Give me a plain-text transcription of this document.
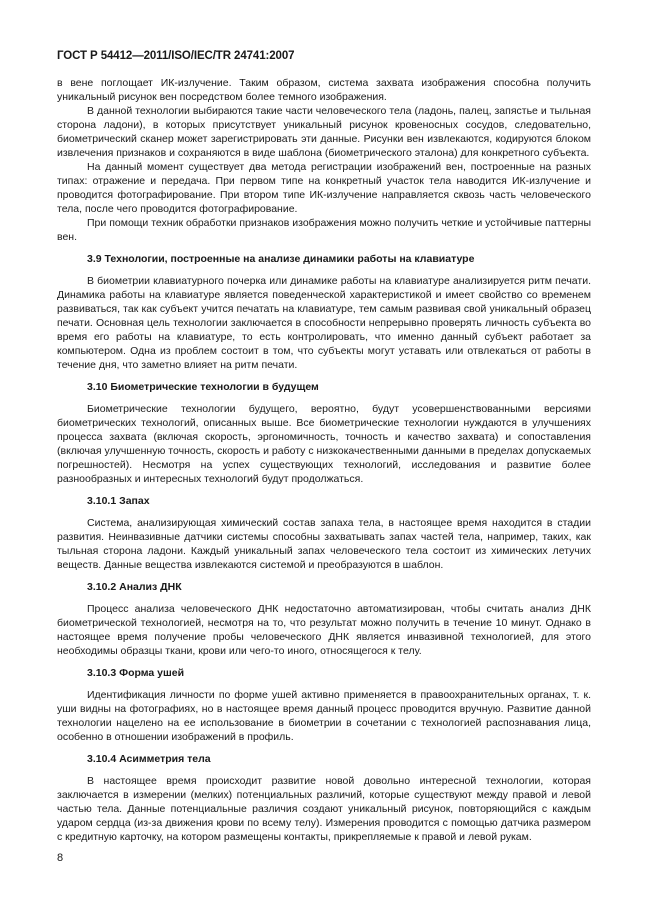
ГОСТ Р 54412—2011/ISO/IEC/TR 24741:2007

в вене поглощает ИК-излучение. Таким образом, система захвата изображения способна получить уникальный рисунок вен посредством более темного изображения.

В данной технологии выбираются такие части человеческого тела (ладонь, палец, запястье и тыльная сторона ладони), в которых присутствует уникальный рисунок кровеносных сосудов, следовательно, биометрический сканер может зарегистрировать эти данные. Рисунки вен извлекаются, кодируются блоком извлечения признаков и сохраняются в виде шаблона (биометрического эталона) для конкретного субъекта.

На данный момент существует два метода регистрации изображений вен, построенные на разных типах: отражение и передача. При первом типе на конкретный участок тела наводится ИК-излучение и проводится фотографирование. При втором типе ИК-излучение направляется сквозь часть человеческого тела, после чего проводится фотографирование.

При помощи техник обработки признаков изображения можно получить четкие и устойчивые паттерны вен.

3.9 Технологии, построенные на анализе динамики работы на клавиатуре

В биометрии клавиатурного почерка или динамике работы на клавиатуре анализируется ритм печати. Динамика работы на клавиатуре является поведенческой характеристикой и имеет свойство со временем развиваться, так как субъект учится печатать на клавиатуре, тем самым развивая свой уникальный образец печати. Основная цель технологии заключается в способности непрерывно проверять личность субъекта во время его работы на клавиатуре, то есть контролировать, что именно данный субъект работает за компьютером. Одна из проблем состоит в том, что субъекты могут уставать или отвлекаться от работы в течение дня, что заметно влияет на ритм печати.

3.10 Биометрические технологии в будущем

Биометрические технологии будущего, вероятно, будут усовершенствованными версиями биометрических технологий, описанных выше. Все биометрические технологии нуждаются в улучшениях процесса захвата (включая скорость, эргономичность, точность и качество захвата) и сопоставления (включая улучшенную точность, скорость и работу с низкокачественными данными в пределах допускаемых погрешностей). Несмотря на успех существующих технологий, исследования и развитие более разнообразных и интересных технологий будут продолжаться.

3.10.1 Запах

Система, анализирующая химический состав запаха тела, в настоящее время находится в стадии развития. Неинвазивные датчики системы способны захватывать запах частей тела, например, таких, как тыльная сторона ладони. Каждый уникальный запах человеческого тела состоит из химических летучих веществ. Данные вещества извлекаются системой и преобразуются в шаблон.

3.10.2 Анализ ДНК

Процесс анализа человеческого ДНК недостаточно автоматизирован, чтобы считать анализ ДНК биометрической технологией, несмотря на то, что результат можно получить в течение 10 минут. Однако в настоящее время получение пробы человеческого ДНК является инвазивной технологией, для этого необходимы образцы ткани, крови или чего-то иного, относящегося к телу.

3.10.3 Форма ушей

Идентификация личности по форме ушей активно применяется в правоохранительных органах, т. к. уши видны на фотографиях, но в настоящее время данный процесс проводится вручную. Развитие данной технологии нацелено на ее использование в биометрии в сочетании с технологией распознавания лица, особенно в отношении изображений в профиль.

3.10.4 Асимметрия тела

В настоящее время происходит развитие новой довольно интересной технологии, которая заключается в измерении (мелких) потенциальных различий, которые существуют между правой и левой частью тела. Данные потенциальные различия создают уникальный рисунок, повторяющийся с каждым ударом сердца (из-за движения крови по всему телу). Измерения проводится с помощью датчика размером с кредитную карточку, на котором размещены контакты, прикрепляемые к правой и левой рукам.

8
